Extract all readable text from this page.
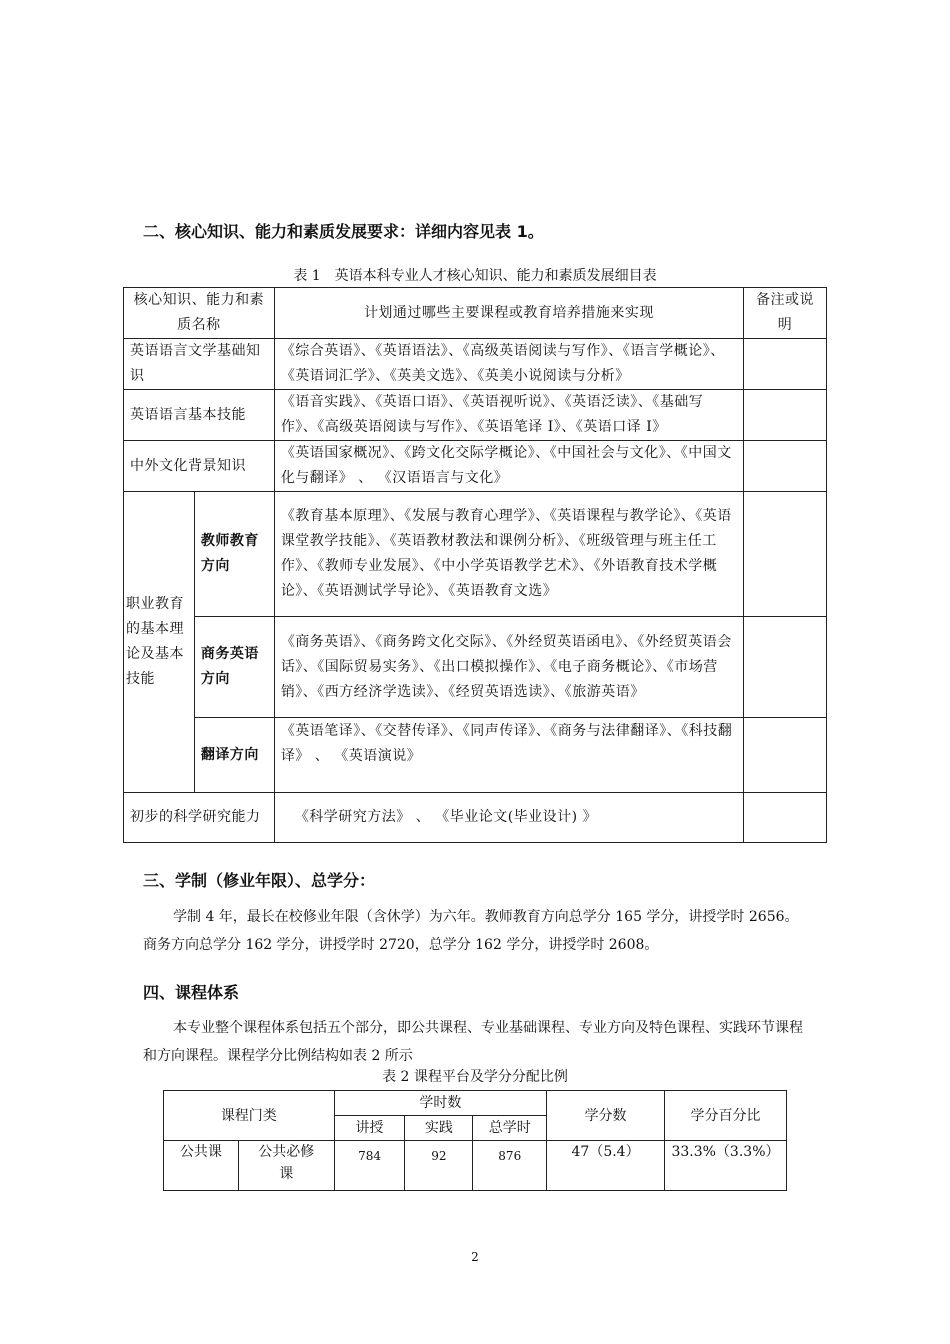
二、核心知识、能力和素质发展要求：详细内容见表 1。
表 1　英语本科专业人才核心知识、能力和素质发展细目表
核心知识、能力和素质名称		计划通过哪些主要课程或教育培养措施来实现	备注或说明
英语语言文学基础知识		《综合英语》、《英语语法》、《高级英语阅读与写作》、《语言学概论》、《英语词汇学》、《英美文选》、《英美小说阅读与分析》	
英语语言基本技能		《语音实践》、《英语口语》、《英语视听说》、《英语泛读》、《基础写作》、《高级英语阅读与写作》、《英语笔译 I》、《英语口译 I》	
中外文化背景知识		《英语国家概况》、《跨文化交际学概论》、《中国社会与文化》、《中国文化与翻译》 、 《汉语语言与文化》	
职业教育的基本理论及基本技能	教师教育方向	《教育基本原理》、《发展与教育心理学》、《英语课程与教学论》、《英语课堂教学技能》、《英语教材教法和课例分析》、《班级管理与班主任工作》、《教师专业发展》、《中小学英语教学艺术》、《外语教育技术学概论》、《英语测试学导论》、《英语教育文选》	
	商务英语方向	《商务英语》、《商务跨文化交际》、《外经贸英语函电》、《外经贸英语会话》、《国际贸易实务》、《出口模拟操作》、《电子商务概论》、《市场营销》、《西方经济学选读》、《经贸英语选读》、《旅游英语》	
	翻译方向	《英语笔译》、《交替传译》、《同声传译》、《商务与法律翻译》、《科技翻译》 、 《英语演说》	
初步的科学研究能力		《科学研究方法》 、 《毕业论文(毕业设计) 》	
三、学制（修业年限）、总学分：
学制 4 年，最长在校修业年限（含休学）为六年。教师教育方向总学分 165 学分，讲授学时 2656。商务方向总学分 162 学分，讲授学时 2720，总学分 162 学分，讲授学时 2608。
四、课程体系
本专业整个课程体系包括五个部分，即公共课程、专业基础课程、专业方向及特色课程、实践环节课程和方向课程。课程学分比例结构如表 2 所示
表 2 课程平台及学分分配比例
课程门类		学时数			学分数	学分百分比
		讲授	实践	总学时		
公共课	公共必修课	784	92	876	47（5.4）	33.3%（3.3%）
2
